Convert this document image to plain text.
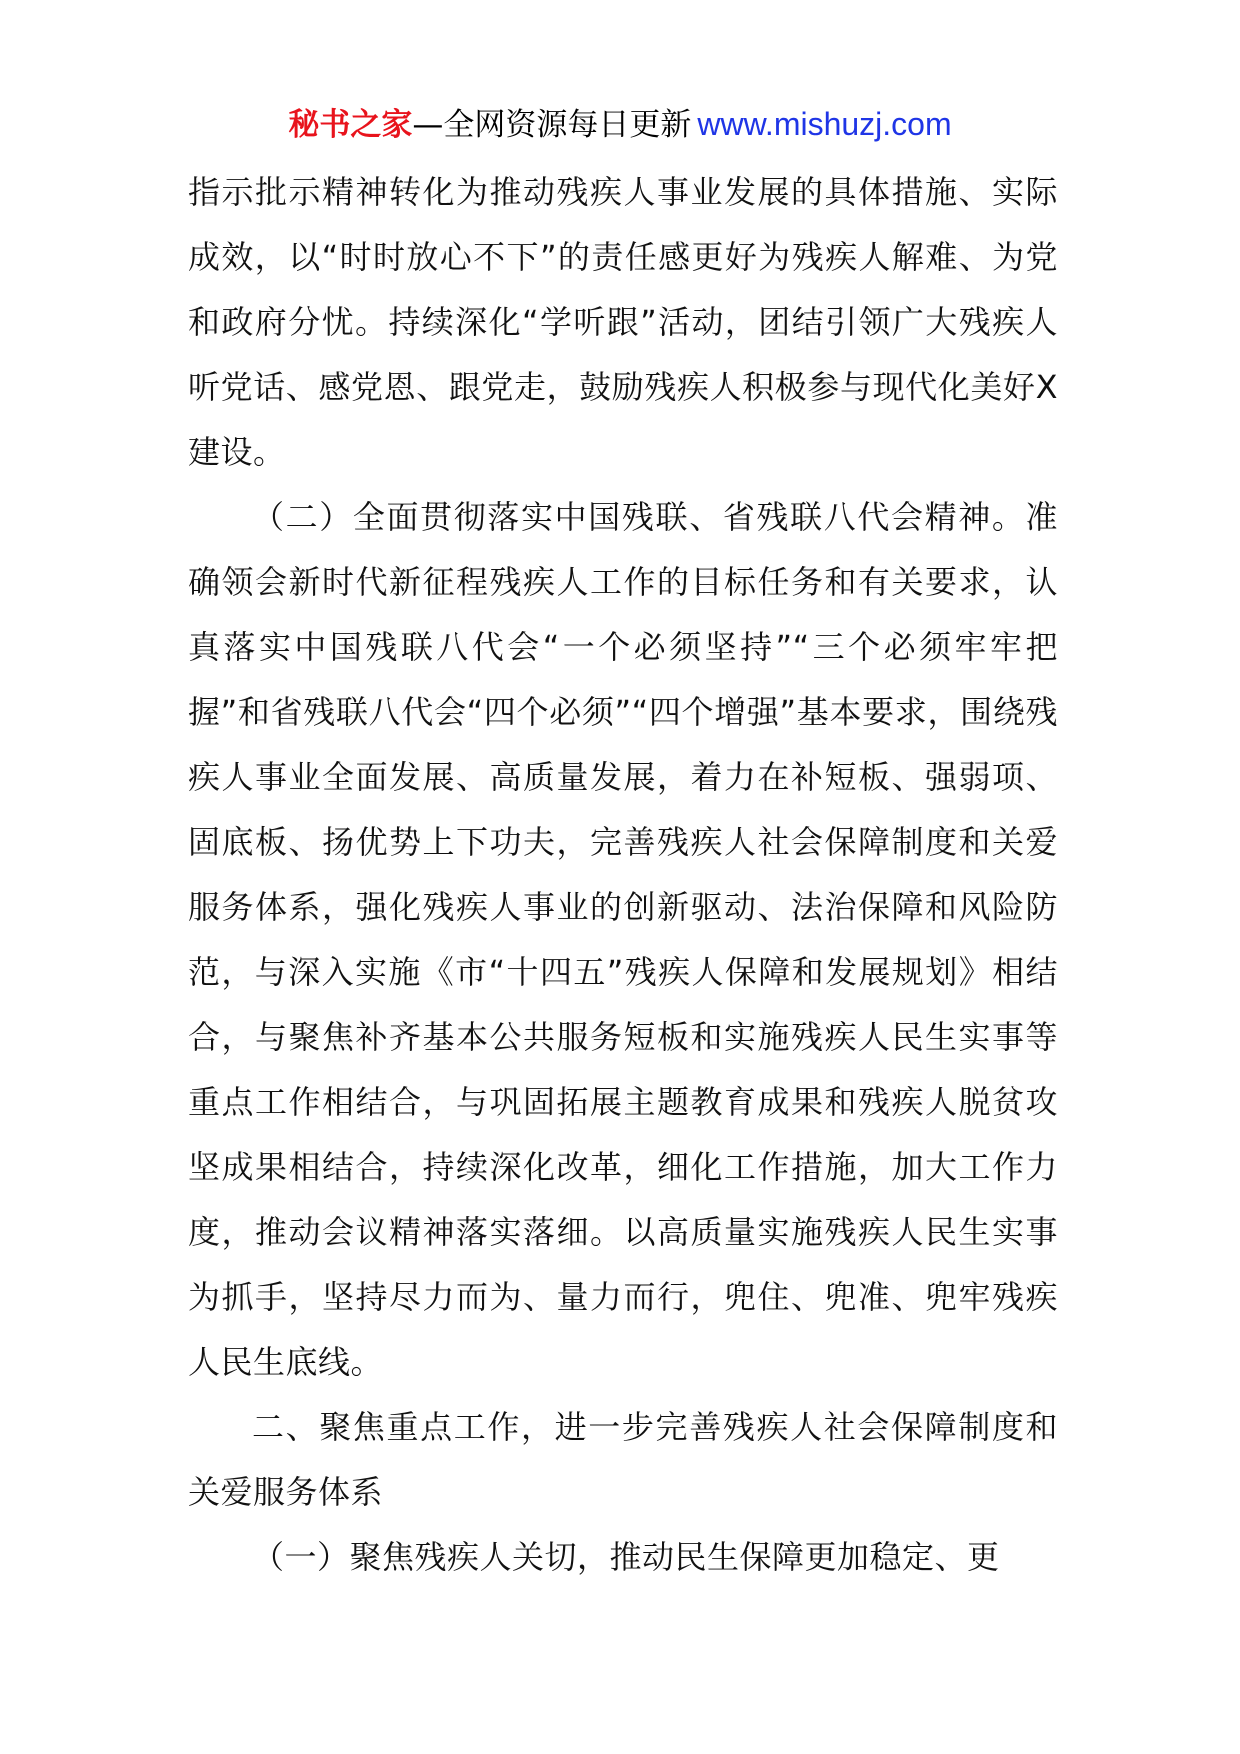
秘书之家—全网资源每日更新 www.mishuzj.com

指示批示精神转化为推动残疾人事业发展的具体措施、实际成效，以“时时放心不下”的责任感更好为残疾人解难、为党和政府分忧。持续深化“学听跟”活动，团结引领广大残疾人听党话、感党恩、跟党走，鼓励残疾人积极参与现代化美好X建设。

（二）全面贯彻落实中国残联、省残联八代会精神。准确领会新时代新征程残疾人工作的目标任务和有关要求，认真落实中国残联八代会“一个必须坚持”“三个必须牢牢把握”和省残联八代会“四个必须”“四个增强”基本要求，围绕残疾人事业全面发展、高质量发展，着力在补短板、强弱项、固底板、扬优势上下功夫，完善残疾人社会保障制度和关爱服务体系，强化残疾人事业的创新驱动、法治保障和风险防范，与深入实施《市“十四五”残疾人保障和发展规划》相结合，与聚焦补齐基本公共服务短板和实施残疾人民生实事等重点工作相结合，与巩固拓展主题教育成果和残疾人脱贫攻坚成果相结合，持续深化改革，细化工作措施，加大工作力度，推动会议精神落实落细。以高质量实施残疾人民生实事为抓手，坚持尽力而为、量力而行，兜住、兜准、兜牢残疾人民生底线。

二、聚焦重点工作，进一步完善残疾人社会保障制度和关爱服务体系

（一）聚焦残疾人关切，推动民生保障更加稳定、更
